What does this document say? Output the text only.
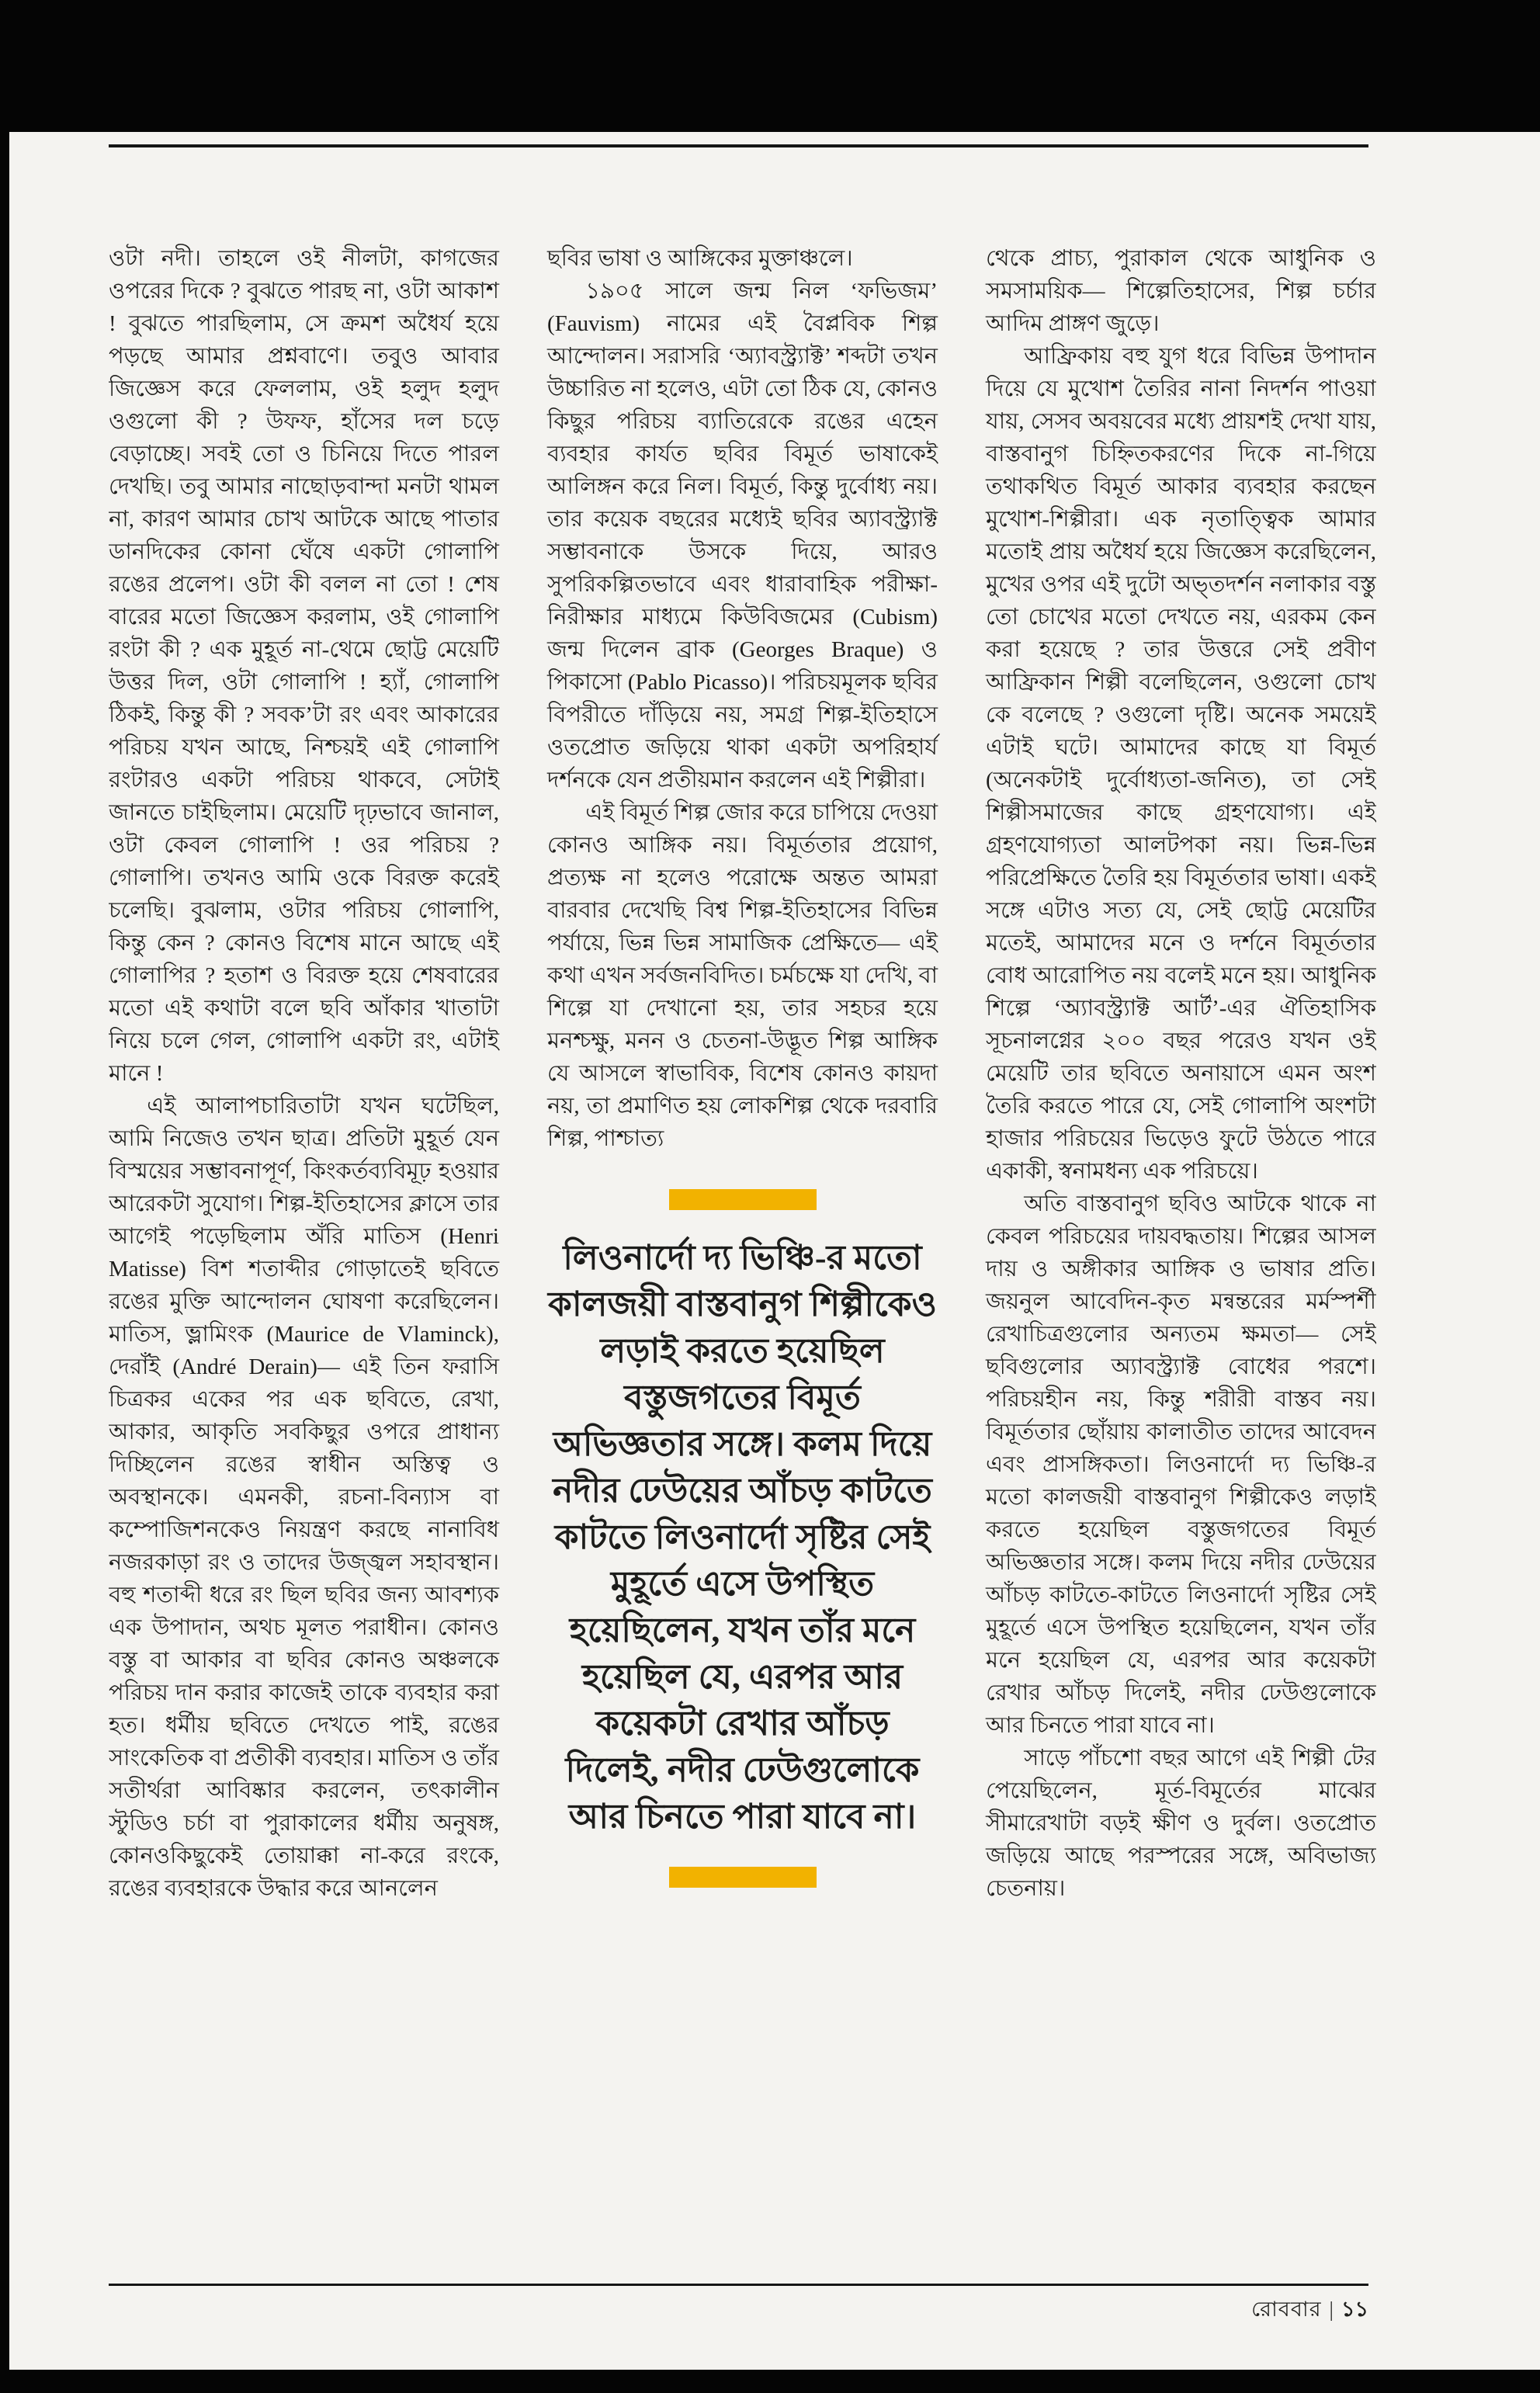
ওটা নদী। তাহলে ওই নীলটা, কাগজের ওপরের দিকে ? বুঝতে পারছ না, ওটা আকাশ ! বুঝতে পারছিলাম, সে ক্রমশ অধৈর্য হয়ে পড়ছে আমার প্রশ্নবাণে। তবুও আবার জিজ্ঞেস করে ফেললাম, ওই হলুদ হলুদ ওগুলো কী ? উফফ, হাঁসের দল চড়ে বেড়াচ্ছে। সবই তো ও চিনিয়ে দিতে পারল দেখছি। তবু আমার নাছোড়বান্দা মনটা থামল না, কারণ আমার চোখ আটকে আছে পাতার ডানদিকের কোনা ঘেঁষে একটা গোলাপি রঙের প্রলেপ। ওটা কী বলল না তো ! শেষ বারের মতো জিজ্ঞেস করলাম, ওই গোলাপি রংটা কী ? এক মুহূর্ত না-থেমে ছোট্ট মেয়েটি উত্তর দিল, ওটা গোলাপি ! হ্যাঁ, গোলাপি ঠিকই, কিন্তু কী ? সবক’টা রং এবং আকারের পরিচয় যখন আছে, নিশ্চয়ই এই গোলাপি রংটারও একটা পরিচয় থাকবে, সেটাই জানতে চাইছিলাম। মেয়েটি দৃঢ়ভাবে জানাল, ওটা কেবল গোলাপি ! ওর পরিচয় ? গোলাপি। তখনও আমি ওকে বিরক্ত করেই চলেছি। বুঝলাম, ওটার পরিচয় গোলাপি, কিন্তু কেন ? কোনও বিশেষ মানে আছে এই গোলাপির ? হতাশ ও বিরক্ত হয়ে শেষবারের মতো এই কথাটা বলে ছবি আঁকার খাতাটা নিয়ে চলে গেল, গোলাপি একটা রং, এটাই মানে !

এই আলাপচারিতাটা যখন ঘটেছিল, আমি নিজেও তখন ছাত্র। প্রতিটা মুহূর্ত যেন বিস্ময়ের সম্ভাবনাপূর্ণ, কিংকর্তব্যবিমূঢ় হওয়ার আরেকটা সুযোগ। শিল্প-ইতিহাসের ক্লাসে তার আগেই পড়েছিলাম অঁরি মাতিস (Henri Matisse) বিশ শতাব্দীর গোড়াতেই ছবিতে রঙের মুক্তি আন্দোলন ঘোষণা করেছিলেন। মাতিস, ভ্লামিংক (Maurice de Vlaminck), দেরাঁই (André Derain)— এই তিন ফরাসি চিত্রকর একের পর এক ছবিতে, রেখা, আকার, আকৃতি সবকিছুর ওপরে প্রাধান্য দিচ্ছিলেন রঙের স্বাধীন অস্তিত্ব ও অবস্থানকে। এমনকী, রচনা-বিন্যাস বা কম্পোজিশনকেও নিয়ন্ত্রণ করছে নানাবিধ নজরকাড়া রং ও তাদের উজ্জ্বল সহাবস্থান। বহু শতাব্দী ধরে রং ছিল ছবির জন্য আবশ্যক এক উপাদান, অথচ মূলত পরাধীন। কোনও বস্তু বা আকার বা ছবির কোনও অঞ্চলকে পরিচয় দান করার কাজেই তাকে ব্যবহার করা হত। ধর্মীয় ছবিতে দেখতে পাই, রঙের সাংকেতিক বা প্রতীকী ব্যবহার। মাতিস ও তাঁর সতীর্থরা আবিষ্কার করলেন, তৎকালীন স্টুডিও চর্চা বা পুরাকালের ধর্মীয় অনুষঙ্গ, কোনওকিছুকেই তোয়াক্কা না-করে রংকে, রঙের ব্যবহারকে উদ্ধার করে আনলেন

ছবির ভাষা ও আঙ্গিকের মুক্তাঞ্চলে।

১৯০৫ সালে জন্ম নিল ‘ফভিজম’ (Fauvism) নামের এই বৈপ্লবিক শিল্প আন্দোলন। সরাসরি ‘অ্যাবস্ট্র্যাক্ট’ শব্দটা তখন উচ্চারিত না হলেও, এটা তো ঠিক যে, কোনও কিছুর পরিচয় ব্যাতিরেকে রঙের এহেন ব্যবহার কার্যত ছবির বিমূর্ত ভাষাকেই আলিঙ্গন করে নিল। বিমূর্ত, কিন্তু দুর্বোধ্য নয়। তার কয়েক বছরের মধ্যেই ছবির অ্যাবস্ট্র্যাক্ট সম্ভাবনাকে উসকে দিয়ে, আরও সুপরিকল্পিতভাবে এবং ধারাবাহিক পরীক্ষা-নিরীক্ষার মাধ্যমে কিউবিজমের (Cubism) জন্ম দিলেন ব্রাক (Georges Braque) ও পিকাসো (Pablo Picasso)। পরিচয়মূলক ছবির বিপরীতে দাঁড়িয়ে নয়, সমগ্র শিল্প-ইতিহাসে ওতপ্রোত জড়িয়ে থাকা একটা অপরিহার্য দর্শনকে যেন প্রতীয়মান করলেন এই শিল্পীরা।

এই বিমূর্ত শিল্প জোর করে চাপিয়ে দেওয়া কোনও আঙ্গিক নয়। বিমূর্ততার প্রয়োগ, প্রত্যক্ষ না হলেও পরোক্ষে অন্তত আমরা বারবার দেখেছি বিশ্ব শিল্প-ইতিহাসের বিভিন্ন পর্যায়ে, ভিন্ন ভিন্ন সামাজিক প্রেক্ষিতে— এই কথা এখন সর্বজনবিদিত। চর্মচক্ষে যা দেখি, বা শিল্পে যা দেখানো হয়, তার সহচর হয়ে মনশ্চক্ষু, মনন ও চেতনা-উদ্ভূত শিল্প আঙ্গিক যে আসলে স্বাভাবিক, বিশেষ কোনও কায়দা নয়, তা প্রমাণিত হয় লোকশিল্প থেকে দরবারি শিল্প, পাশ্চাত্য

লিওনার্দো দ্য ভিঞ্চি-র মতো কালজয়ী বাস্তবানুগ শিল্পীকেও লড়াই করতে হয়েছিল বস্তুজগতের বিমূর্ত অভিজ্ঞতার সঙ্গে। কলম দিয়ে নদীর ঢেউয়ের আঁচড় কাটতে কাটতে লিওনার্দো সৃষ্টির সেই মুহূর্তে এসে উপস্থিত হয়েছিলেন, যখন তাঁর মনে হয়েছিল যে, এরপর আর কয়েকটা রেখার আঁচড় দিলেই, নদীর ঢেউগুলোকে আর চিনতে পারা যাবে না।

থেকে প্রাচ্য, পুরাকাল থেকে আধুনিক ও সমসাময়িক— শিল্পেতিহাসের, শিল্প চর্চার আদিম প্রাঙ্গণ জুড়ে।

আফ্রিকায় বহু যুগ ধরে বিভিন্ন উপাদান দিয়ে যে মুখোশ তৈরির নানা নিদর্শন পাওয়া যায়, সেসব অবয়বের মধ্যে প্রায়শই দেখা যায়, বাস্তবানুগ চিহ্নিতকরণের দিকে না-গিয়ে তথাকথিত বিমূর্ত আকার ব্যবহার করছেন মুখোশ-শিল্পীরা। এক নৃতাত্ত্বিক আমার মতোই প্রায় অধৈর্য হয়ে জিজ্ঞেস করেছিলেন, মুখের ওপর এই দুটো অভ্তদর্শন নলাকার বস্তু তো চোখের মতো দেখতে নয়, এরকম কেন করা হয়েছে ? তার উত্তরে সেই প্রবীণ আফ্রিকান শিল্পী বলেছিলেন, ওগুলো চোখ কে বলেছে ? ওগুলো দৃষ্টি। অনেক সময়েই এটাই ঘটে। আমাদের কাছে যা বিমূর্ত (অনেকটাই দুর্বোধ্যতা-জনিত), তা সেই শিল্পীসমাজের কাছে গ্রহণযোগ্য। এই গ্রহণযোগ্যতা আলটপকা নয়। ভিন্ন-ভিন্ন পরিপ্রেক্ষিতে তৈরি হয় বিমূর্ততার ভাষা। একই সঙ্গে এটাও সত্য যে, সেই ছোট্ট মেয়েটির মতেই, আমাদের মনে ও দর্শনে বিমূর্ততার বোধ আরোপিত নয় বলেই মনে হয়। আধুনিক শিল্পে ‘অ্যাবস্ট্র্যাক্ট আর্ট’-এর ঐতিহাসিক সূচনালগ্নের ২০০ বছর পরেও যখন ওই মেয়েটি তার ছবিতে অনায়াসে এমন অংশ তৈরি করতে পারে যে, সেই গোলাপি অংশটা হাজার পরিচয়ের ভিড়েও ফুটে উঠতে পারে একাকী, স্বনামধন্য এক পরিচয়ে।

অতি বাস্তবানুগ ছবিও আটকে থাকে না কেবল পরিচয়ের দায়বদ্ধতায়। শিল্পের আসল দায় ও অঙ্গীকার আঙ্গিক ও ভাষার প্রতি। জয়নুল আবেদিন-কৃত মন্বন্তরের মর্মস্পর্শী রেখাচিত্রগুলোর অন্যতম ক্ষমতা— সেই ছবিগুলোর অ্যাবস্ট্র্যাক্ট বোধের পরশে। পরিচয়হীন নয়, কিন্তু শরীরী বাস্তব নয়। বিমূর্ততার ছোঁয়ায় কালাতীত তাদের আবেদন এবং প্রাসঙ্গিকতা। লিওনার্দো দ্য ভিঞ্চি-র মতো কালজয়ী বাস্তবানুগ শিল্পীকেও লড়াই করতে হয়েছিল বস্তুজগতের বিমূর্ত অভিজ্ঞতার সঙ্গে। কলম দিয়ে নদীর ঢেউয়ের আঁচড় কাটতে-কাটতে লিওনার্দো সৃষ্টির সেই মুহূর্তে এসে উপস্থিত হয়েছিলেন, যখন তাঁর মনে হয়েছিল যে, এরপর আর কয়েকটা রেখার আঁচড় দিলেই, নদীর ঢেউগুলোকে আর চিনতে পারা যাবে না।

সাড়ে পাঁচশো বছর আগে এই শিল্পী টের পেয়েছিলেন, মূর্ত-বিমূর্তের মাঝের সীমারেখাটা বড়ই ক্ষীণ ও দুর্বল। ওতপ্রোত জড়িয়ে আছে পরস্পরের সঙ্গে, অবিভাজ্য চেতনায়।

রোববার | ১১
